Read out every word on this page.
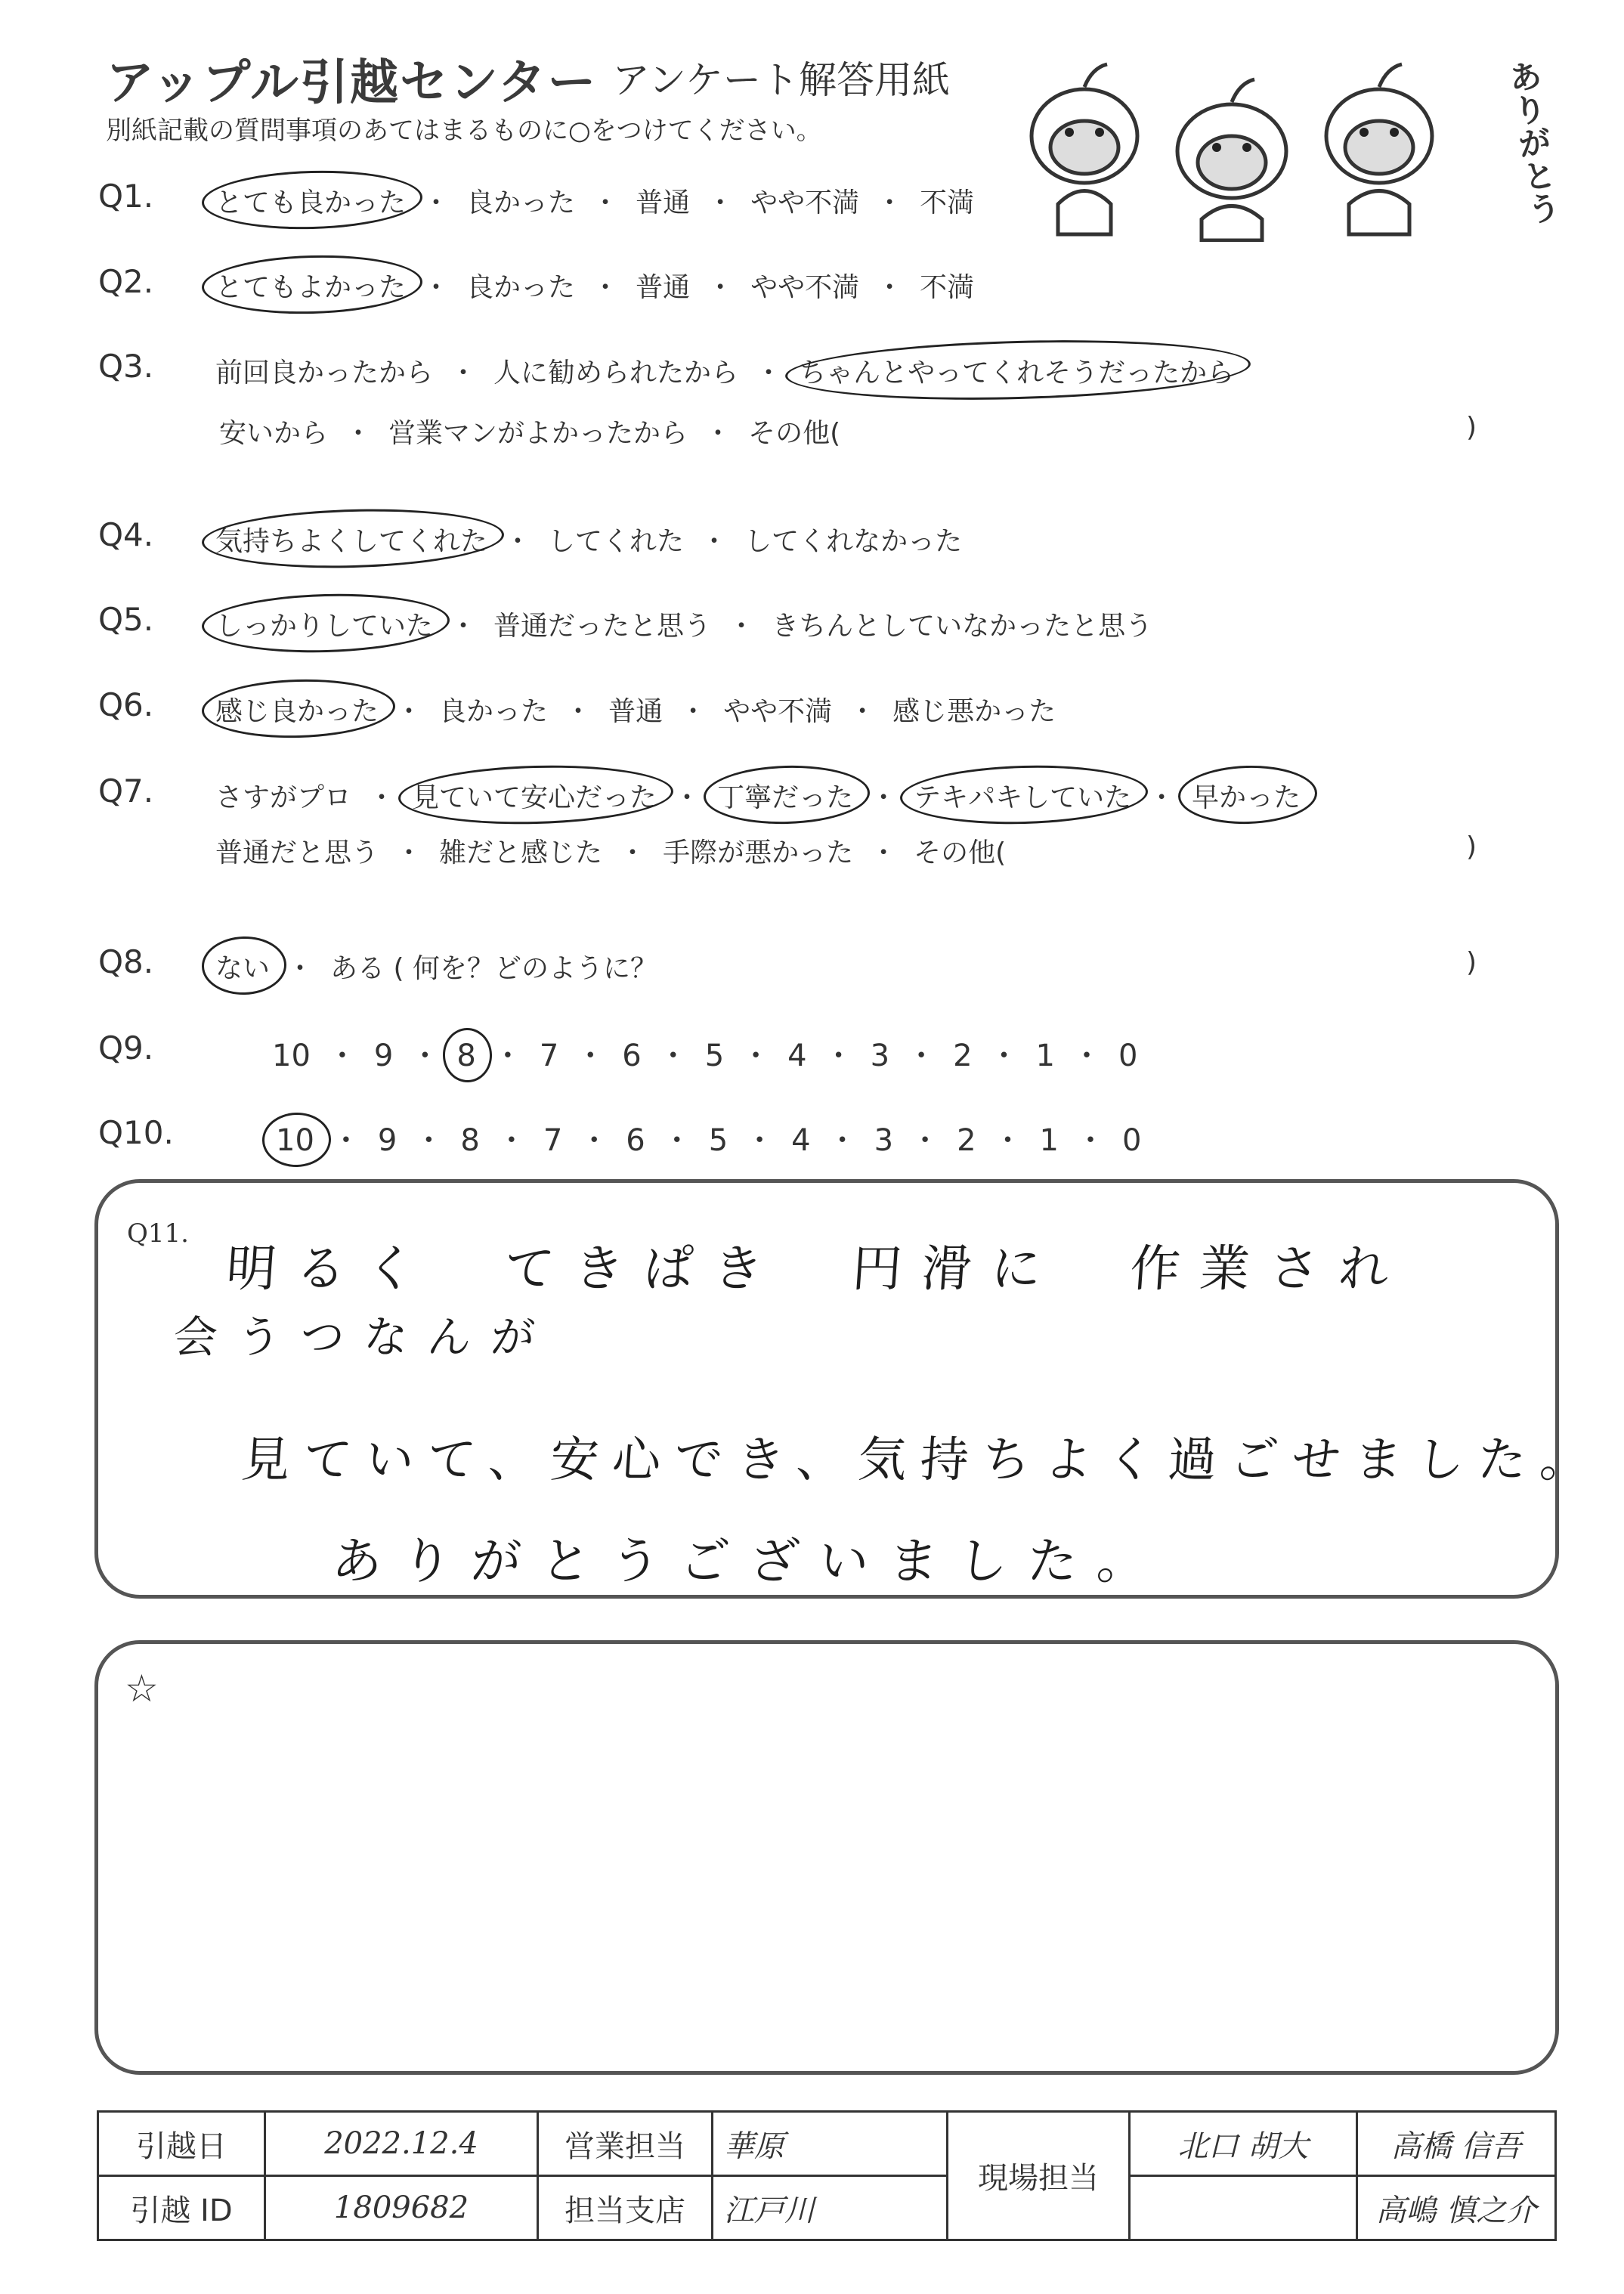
アップル引越センター アンケート解答用紙
別紙記載の質問事項のあてはまるものに○をつけてください。
ありがとう
Q1. とても良かった ・ 良かった ・ 普通 ・ やや不満 ・ 不満
Q2. とてもよかった ・ 良かった ・ 普通 ・ やや不満 ・ 不満
Q3. 前回良かったから ・ 人に勧められたから ・ ちゃんとやってくれそうだったから
安いから ・ 営業マンがよかったから ・ その他(	)
Q4. 気持ちよくしてくれた ・ してくれた ・ してくれなかった
Q5. しっかりしていた ・ 普通だったと思う ・ きちんとしていなかったと思う
Q6. 感じ良かった ・ 良かった ・ 普通 ・ やや不満 ・ 感じ悪かった
Q7. さすがプロ ・ 見ていて安心だった ・ 丁寧だった ・ テキパキしていた ・ 早かった
普通だと思う ・ 雑だと感じた ・ 手際が悪かった ・ その他(	)
Q8. ない ・ ある ( 何を？どのように？	)
Q9.	10 ・ 9 ・ 8 ・ 7 ・ 6 ・ 5 ・ 4 ・ 3 ・ 2 ・ 1 ・ 0
Q10.	10 ・ 9 ・ 8 ・ 7 ・ 6 ・ 5 ・ 4 ・ 3 ・ 2 ・ 1 ・ 0
Q11.
明るく　てきぱき　円滑に　作業され
会うつなんが
見ていて、安心でき、気持ちよく過ごせました。
ありがとうございました。
☆
引越日	2022.12.4	営業担当	華原	現場担当	北口 胡大	高橋 信吾
引越 ID	1809682	担当支店	江戸川			高嶋 慎之介
